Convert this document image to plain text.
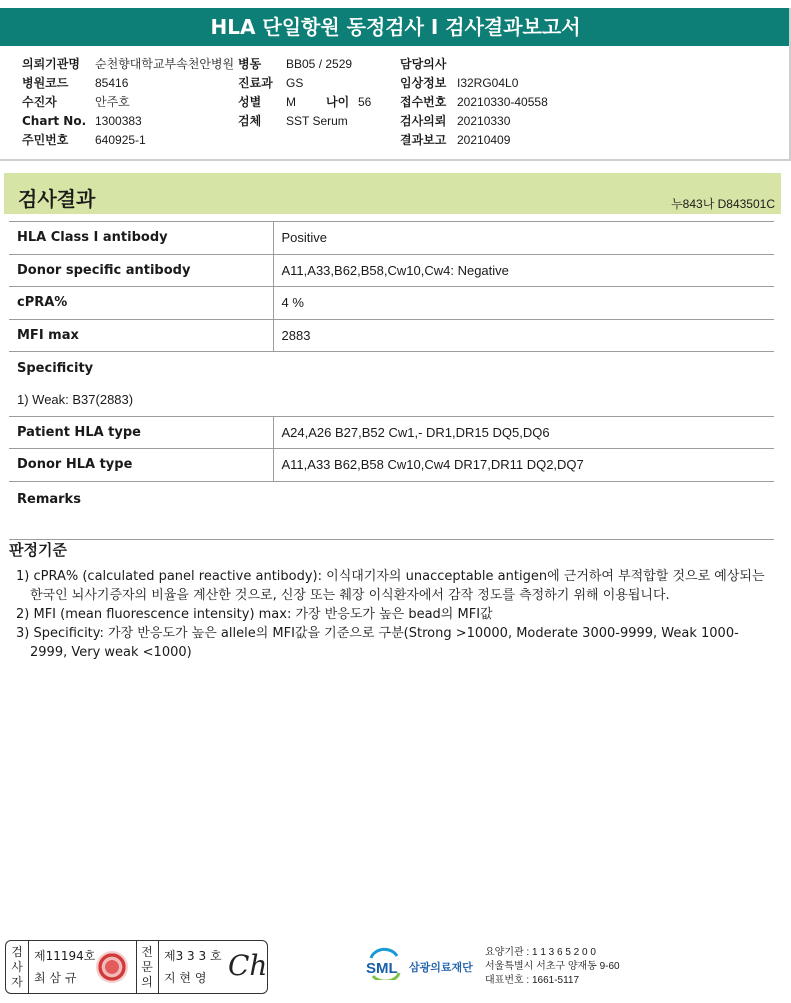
HLA 단일항원 동정검사 I 검사결과보고서
의뢰기관명	순천향대학교부속천안병원
병원코드	85416
수진자	안주호
Chart No. 1300383
주민번호	640925-1
병동	BB05 / 2529
진료과	GS
성별	M	나이 56
검체	SST Serum
담당의사
임상정보 I32RG04L0
접수번호 20210330-40558
검사의뢰 20210330
결과보고 20210409
검사결과	누843나 D843501C
HLA Class Ⅰ antibody	Positive
Donor specific antibody	A11,A33,B62,B58,Cw10,Cw4: Negative
cPRA%	4 %
MFI max	2883
Specificity	
1) Weak: B37(2883)	
Patient HLA type	A24,A26 B27,B52 Cw1,- DR1,DR15 DQ5,DQ6
Donor HLA type	A11,A33 B62,B58 Cw10,Cw4 DR17,DR11 DQ2,DQ7
Remarks	
판정기준
1) cPRA% (calculated panel reactive antibody): 이식대기자의 unacceptable antigen에 근거하여 부적합할 것으로 예상되는 한국인 뇌사기증자의 비율을 계산한 것으로, 신장 또는 췌장 이식환자에서 감작 정도를 측정하기 위해 이용됩니다.
2) MFI (mean fluorescence intensity) max: 가장 반응도가 높은 bead의 MFI값
3) Specificity: 가장 반응도가 높은 allele의 MFI값을 기준으로 구분(Strong >10000, Moderate 3000-9999, Weak 1000-2999, Very weak <1000)
검사자
제11194호
최 삼 규
전문의
제3 3 3 호
지 현 영 Ch	SML 삼광의료재단
요양기관 : 1 1 3 6 5 2 0 0
서울특별시 서초구 양재동 9-60
대표번호 : 1661-5117
